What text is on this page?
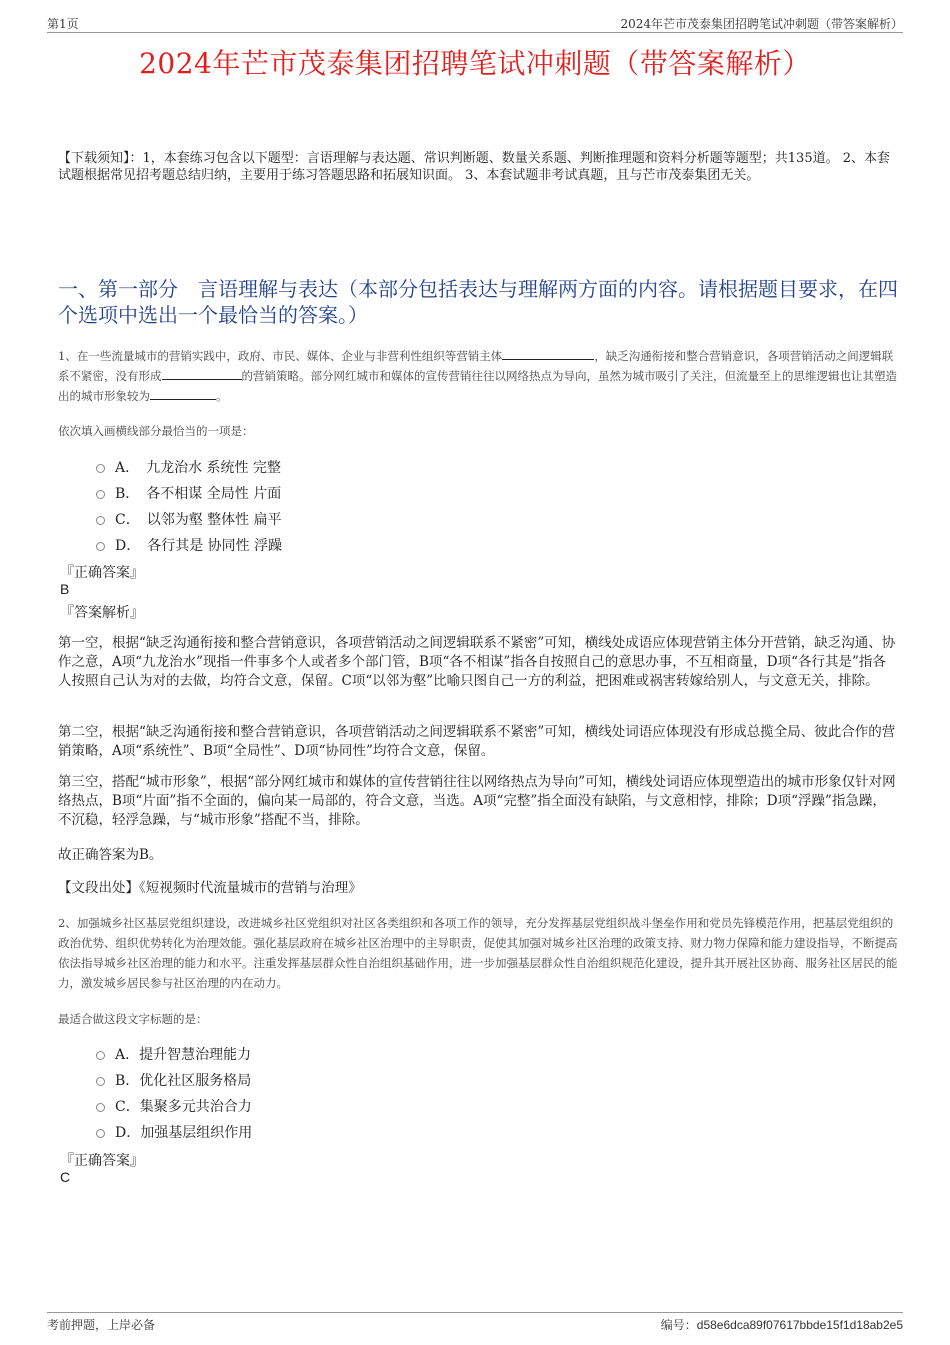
第1页	2024年芒市茂泰集团招聘笔试冲刺题（带答案解析）
2024年芒市茂泰集团招聘笔试冲刺题（带答案解析）
【下载须知】：1，本套练习包含以下题型：言语理解与表达题、常识判断题、数量关系题、判断推理题和资料分析题等题型；共135道。 2、本套试题根据常见招考题总结归纳，主要用于练习答题思路和拓展知识面。 3、本套试题非考试真题，且与芒市茂泰集团无关。
一、第一部分　言语理解与表达（本部分包括表达与理解两方面的内容。请根据题目要求，在四个选项中选出一个最恰当的答案。）
1、在一些流量城市的营销实践中，政府、市民、媒体、企业与非营利性组织等营销主体	，缺乏沟通衔接和整合营销意识，各项营销活动之间逻辑联系不紧密，没有形成	的营销策略。部分网红城市和媒体的宣传营销往往以网络热点为导向，虽然为城市吸引了关注，但流量至上的思维逻辑也让其塑造出的城市形象较为	。
依次填入画横线部分最恰当的一项是：
A．　九龙治水 系统性 完整
B．　各不相谋 全局性 片面
C．　以邻为壑 整体性 扁平
D．　各行其是 协同性 浮躁
『正确答案』
B
『答案解析』
第一空，根据“缺乏沟通衔接和整合营销意识，各项营销活动之间逻辑联系不紧密”可知，横线处成语应体现营销主体分开营销，缺乏沟通、协作之意，A项“九龙治水”现指一件事多个人或者多个部门管，B项“各不相谋”指各自按照自己的意思办事，不互相商量，D项“各行其是”指各人按照自己认为对的去做，均符合文意，保留。C项“以邻为壑”比喻只图自己一方的利益，把困难或祸害转嫁给别人，与文意无关，排除。
第二空，根据“缺乏沟通衔接和整合营销意识，各项营销活动之间逻辑联系不紧密”可知，横线处词语应体现没有形成总揽全局、彼此合作的营销策略，A项“系统性”、B项“全局性”、D项“协同性”均符合文意，保留。
第三空，搭配“城市形象”，根据“部分网红城市和媒体的宣传营销往往以网络热点为导向”可知，横线处词语应体现塑造出的城市形象仅针对网络热点，B项“片面”指不全面的，偏向某一局部的，符合文意，当选。A项“完整”指全面没有缺陷，与文意相悖，排除；D项“浮躁”指急躁，不沉稳，轻浮急躁，与“城市形象”搭配不当，排除。
故正确答案为B。
【文段出处】《短视频时代流量城市的营销与治理》
2、加强城乡社区基层党组织建设，改进城乡社区党组织对社区各类组织和各项工作的领导，充分发挥基层党组织战斗堡垒作用和党员先锋模范作用，把基层党组织的政治优势、组织优势转化为治理效能。强化基层政府在城乡社区治理中的主导职责，促使其加强对城乡社区治理的政策支持、财力物力保障和能力建设指导，不断提高依法指导城乡社区治理的能力和水平。注重发挥基层群众性自治组织基础作用，进一步加强基层群众性自治组织规范化建设，提升其开展社区协商、服务社区居民的能力，激发城乡居民参与社区治理的内在动力。
最适合做这段文字标题的是：
A．提升智慧治理能力
B．优化社区服务格局
C．集聚多元共治合力
D．加强基层组织作用
『正确答案』
C
考前押题，上岸必备	编号：d58e6dca89f07617bbde15f1d18ab2e5
